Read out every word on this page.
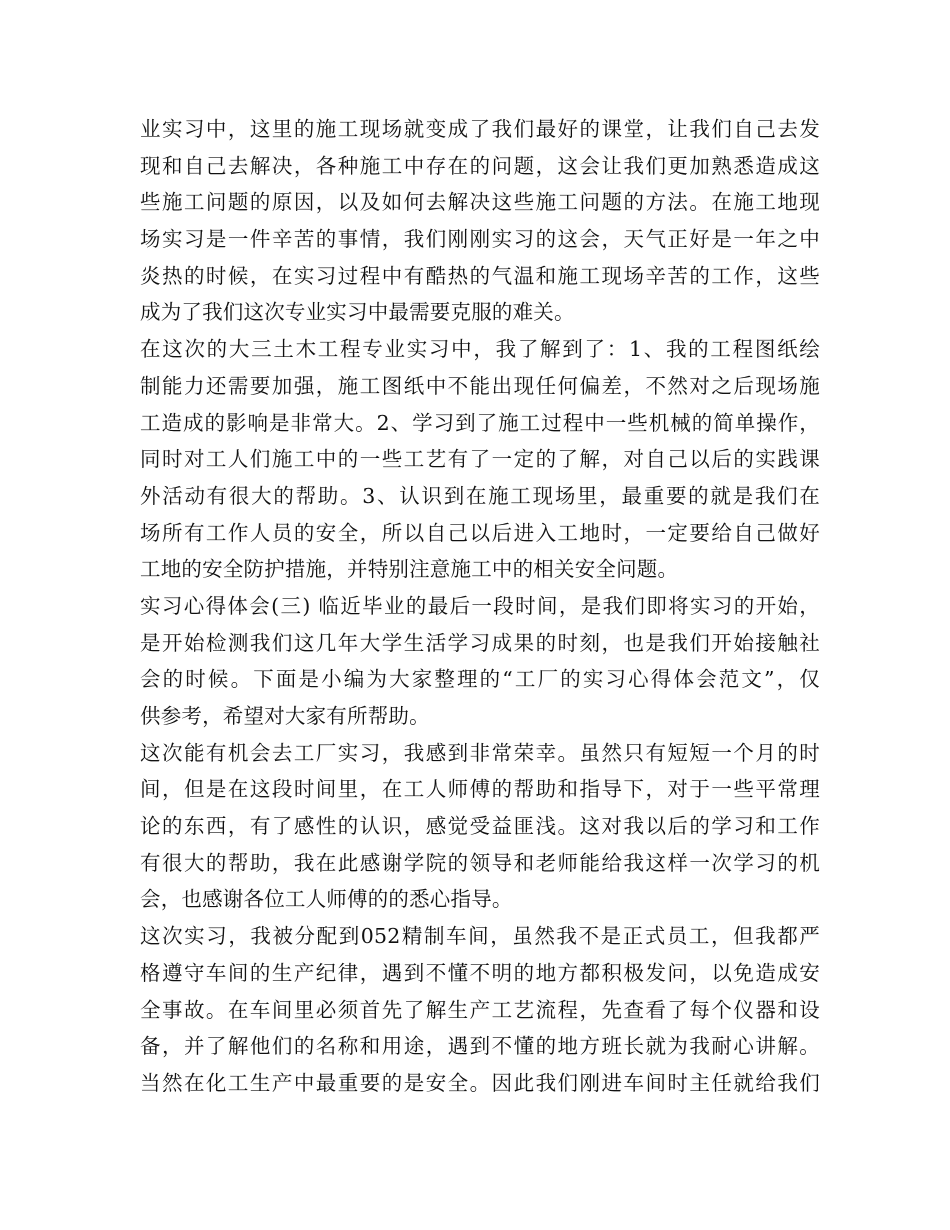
业实习中，这里的施工现场就变成了我们最好的课堂，让我们自己去发
现和自己去解决，各种施工中存在的问题，这会让我们更加熟悉造成这
些施工问题的原因，以及如何去解决这些施工问题的方法。在施工地现
场实习是一件辛苦的事情，我们刚刚实习的这会，天气正好是一年之中
炎热的时候，在实习过程中有酷热的气温和施工现场辛苦的工作，这些
成为了我们这次专业实习中最需要克服的难关。
在这次的大三土木工程专业实习中，我了解到了：1、我的工程图纸绘
制能力还需要加强，施工图纸中不能出现任何偏差，不然对之后现场施
工造成的影响是非常大。2、学习到了施工过程中一些机械的简单操作，
同时对工人们施工中的一些工艺有了一定的了解，对自己以后的实践课
外活动有很大的帮助。3、认识到在施工现场里，最重要的就是我们在
场所有工作人员的安全，所以自己以后进入工地时，一定要给自己做好
工地的安全防护措施，并特别注意施工中的相关安全问题。
实习心得体会(三) 临近毕业的最后一段时间，是我们即将实习的开始，
是开始检测我们这几年大学生活学习成果的时刻，也是我们开始接触社
会的时候。下面是小编为大家整理的“工厂的实习心得体会范文”，仅
供参考，希望对大家有所帮助。
这次能有机会去工厂实习，我感到非常荣幸。虽然只有短短一个月的时
间，但是在这段时间里，在工人师傅的帮助和指导下，对于一些平常理
论的东西，有了感性的认识，感觉受益匪浅。这对我以后的学习和工作
有很大的帮助，我在此感谢学院的领导和老师能给我这样一次学习的机
会，也感谢各位工人师傅的的悉心指导。
这次实习，我被分配到052精制车间，虽然我不是正式员工，但我都严
格遵守车间的生产纪律，遇到不懂不明的地方都积极发问，以免造成安
全事故。在车间里必须首先了解生产工艺流程，先查看了每个仪器和设
备，并了解他们的名称和用途，遇到不懂的地方班长就为我耐心讲解。
当然在化工生产中最重要的是安全。因此我们刚进车间时主任就给我们
